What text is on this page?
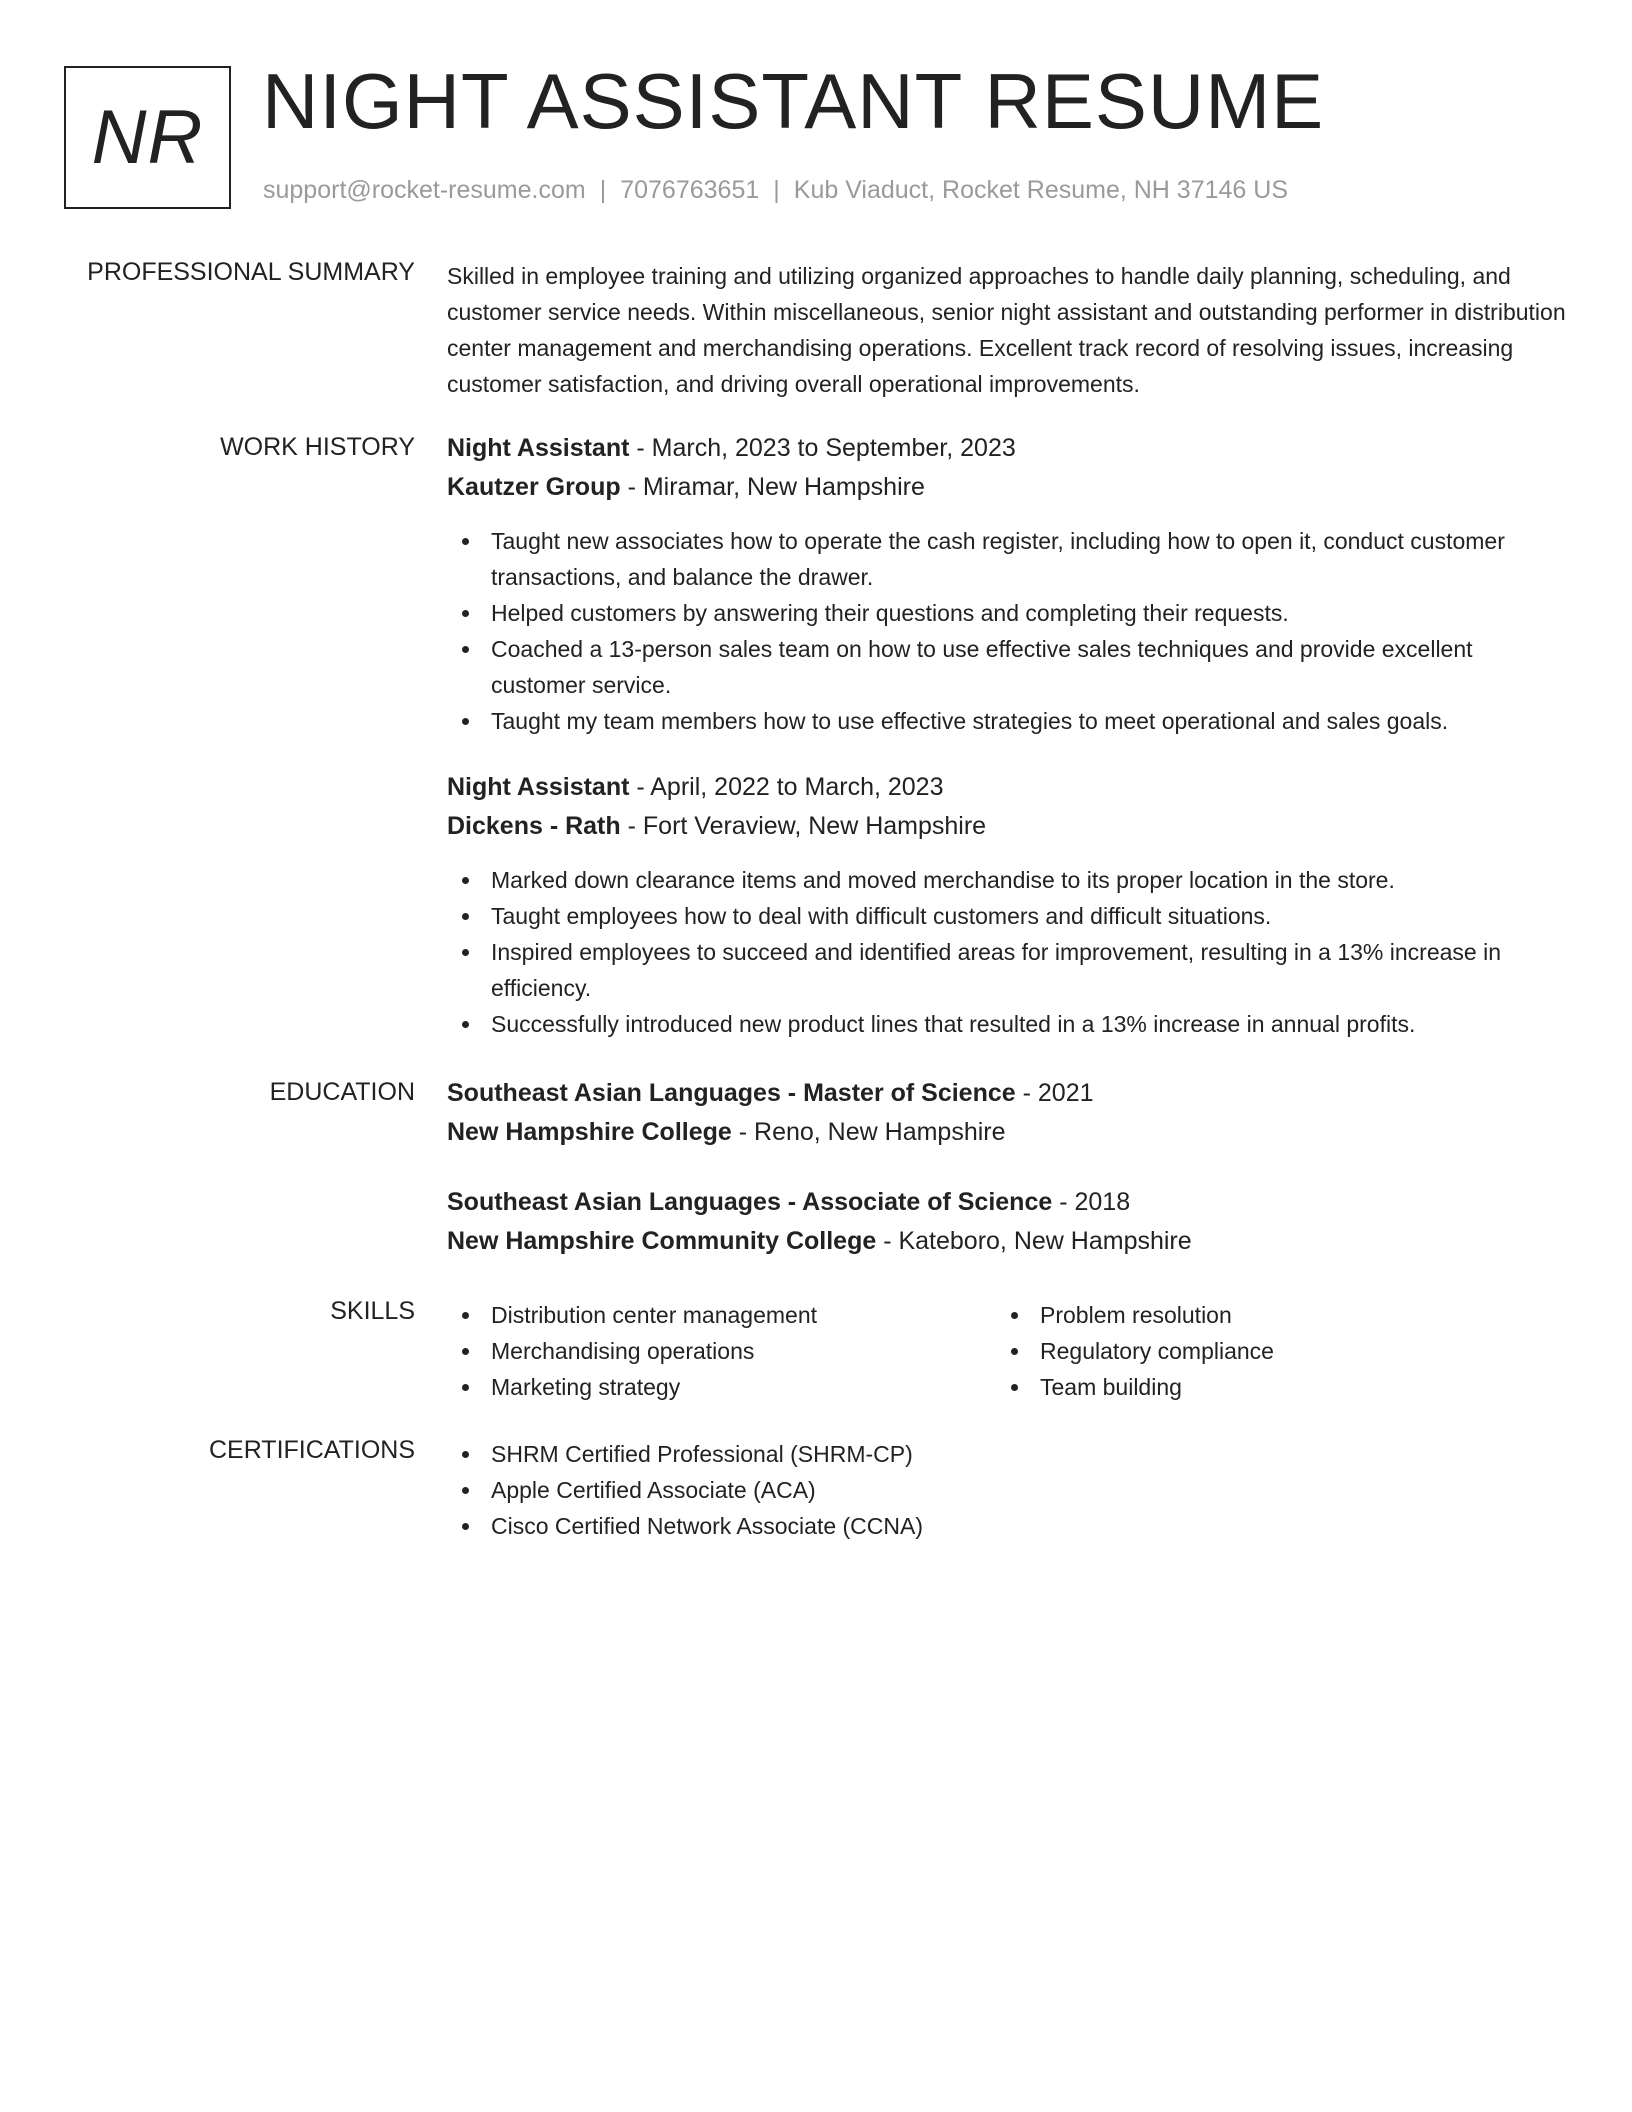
NR NIGHT ASSISTANT RESUME
support@rocket-resume.com | 7076763651 | Kub Viaduct, Rocket Resume, NH 37146 US
PROFESSIONAL SUMMARY Skilled in employee training and utilizing organized approaches to handle daily planning, scheduling, and customer service needs. Within miscellaneous, senior night assistant and outstanding performer in distribution center management and merchandising operations. Excellent track record of resolving issues, increasing customer satisfaction, and driving overall operational improvements.
WORK HISTORY Night Assistant - March, 2023 to September, 2023
Kautzer Group - Miramar, New Hampshire
Taught new associates how to operate the cash register, including how to open it, conduct customer transactions, and balance the drawer.
Helped customers by answering their questions and completing their requests.
Coached a 13-person sales team on how to use effective sales techniques and provide excellent customer service.
Taught my team members how to use effective strategies to meet operational and sales goals.
Night Assistant - April, 2022 to March, 2023
Dickens - Rath - Fort Veraview, New Hampshire
Marked down clearance items and moved merchandise to its proper location in the store.
Taught employees how to deal with difficult customers and difficult situations.
Inspired employees to succeed and identified areas for improvement, resulting in a 13% increase in efficiency.
Successfully introduced new product lines that resulted in a 13% increase in annual profits.
EDUCATION Southeast Asian Languages - Master of Science - 2021
New Hampshire College - Reno, New Hampshire
Southeast Asian Languages - Associate of Science - 2018
New Hampshire Community College - Kateboro, New Hampshire
SKILLS	Distribution center management
Merchandising operations
Marketing strategy
Problem resolution
Regulatory compliance
Team building
CERTIFICATIONS	SHRM Certified Professional (SHRM-CP)
Apple Certified Associate (ACA)
Cisco Certified Network Associate (CCNA)
